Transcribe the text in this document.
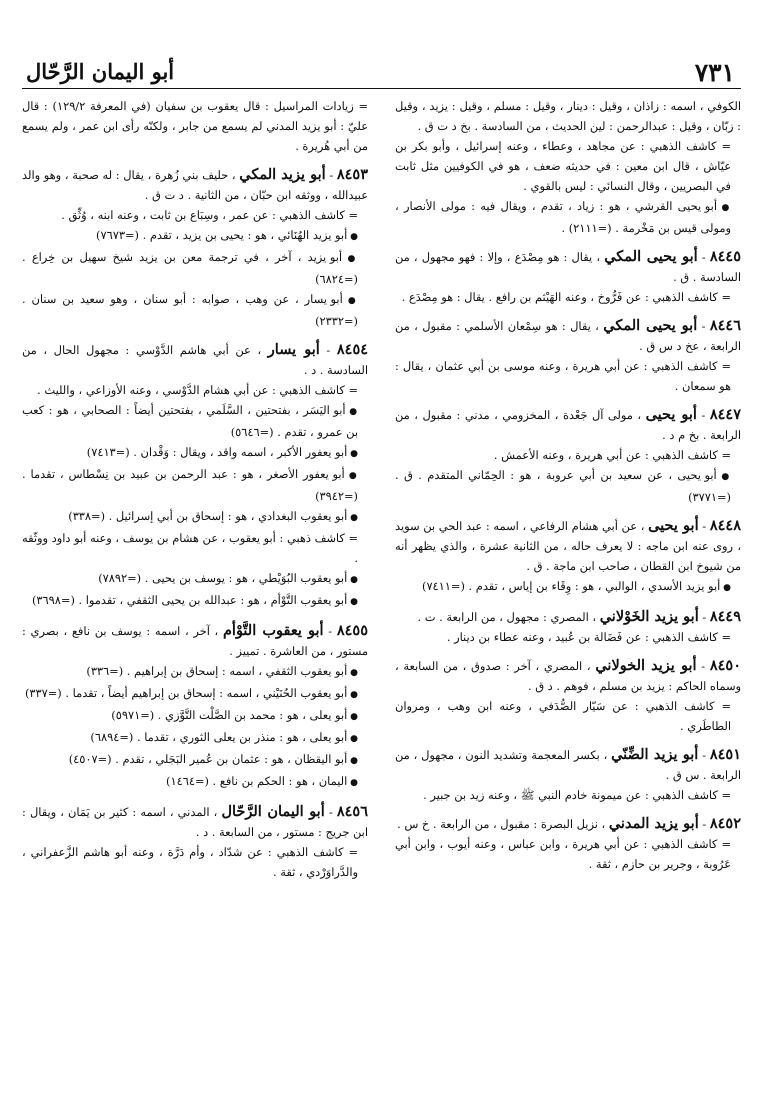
٧٣١
أبو اليمان الرَّحّال

الكوفي ، اسمه : زاذان ، وقيل : دينار ، وقيل : مسلم ، وقيل : يزيد ، وقيل : زبّان ، وقيل : عبدالرحمن : لين الحديث ، من السادسة . بخ د ت ق .

= كاشف الذهبي : عن مجاهد ، وعطاء ، وعنه إسرائيل ، وأبو بكر بن عيّاش ، قال ابن معين : في حديثه ضعف ، هو في الكوفيين مثل ثابت في البصريين ، وقال النسائي : ليس بالقوي .

● أبو يحيى القرشي ، هو : زياد ، تقدم ، ويقال فيه : مولى الأنصار ، ومولى قيس بن مَخْرمة . (=٢١١١) .

٨٤٤٥ - أبو يحيى المكي ، يقال : هو مِصْدَع ، وإلا : فهو مجهول ، من السادسة . ق .

= كاشف الذهبي : عن فَرُّوخ ، وعنه الهَيْثم بن رافع . يقال : هو مِصْدَع .

٨٤٤٦ - أبو يحيى المكي ، يقال : هو سِمْعان الأسلمي : مقبول ، من الرابعة ، عخ د س ق .

= كاشف الذهبي : عن أبي هريرة ، وعنه موسى بن أبي عثمان ، يقال : هو سمعان .

٨٤٤٧ - أبو يحيى ، مولى آل جَعْدة ، المخزومي ، مدني : مقبول ، من الرابعة . بخ م د .

= كاشف الذهبي : عن أبي هريرة ، وعنه الأعمش .

● أبو يحيى ، عن سعيد بن أبي عروبة ، هو : الحِمّاني المتقدم . ق . (=٣٧٧١)

٨٤٤٨ - أبو يحيى ، عن أبي هشام الرفاعي ، اسمه : عبد الحي بن سويد ، روى عنه ابن ماجه : لا يعرف حاله ، من الثانية عشرة ، والذي يظهر أنه من شيوخ ابن القطان ، صاحب ابن ماجة . ق .

● أبو يزيد الأسدي ، الوالبي ، هو : وِقَاء بن إياس ، تقدم . (=٧٤١١)

٨٤٤٩ - أبو يزيد الخَوْلاني ، المصري : مجهول ، من الرابعة . ت .

= كاشف الذهبي : عن فَضَالة بن عُبيد ، وعنه عطاء بن دينار .

٨٤٥٠ - أبو يزيد الخولاني ، المصري ، آخر : صدوق ، من السابعة ، وسماه الحاكم : يزيد بن مسلم ، فوهم . د ق .

= كاشف الذهبي : عن سَيّار الصُّدَفي ، وعنه ابن وهب ، ومروان الطاطَري .

٨٤٥١ - أبو يزيد الضِّنّي ، بكسر المعجمة وتشديد النون ، مجهول ، من الرابعة . س ق .

= كاشف الذهبي : عن ميمونة خادم النبي ﷺ ، وعنه زيد بن جبير .

٨٤٥٢ - أبو يزيد المدني ، نزيل البصرة : مقبول ، من الرابعة . خ س .

= كاشف الذهبي : عن أبي هريرة ، وابن عباس ، وعنه أيوب ، وابن أبي عَرُوبة ، وجرير بن حازم ، ثقة .

= زيادات المراسيل : قال يعقوب بن سفيان (في المعرفة ١٢٩/٢) : قال عليّ : أبو يزيد المدني لم يسمع من جابر ، ولكنّه رأى ابن عمر ، ولم يسمع من أبي هُريرة .

٨٤٥٣ - أبو يزيد المكي ، حليف بني زُهرة ، يقال : له صحبة ، وهو والد عبيدالله ، ووثقه ابن حبّان ، من الثانية . د ت ق .

= كاشف الذهبي : عن عمر ، وسِبَاع بن ثابت ، وعنه ابنه ، وُثِّق .

● أبو يزيد الهُنَائي ، هو : يحيى بن يزيد ، تقدم . (=٧٦٧٣)

● أبو يزيد ، آخر ، في ترجمة معن بن يزيد شيخ سهيل بن خِراع . (=٦٨٢٤)

● أبو يسار ، عن وهب ، صوابه : أبو سنان ، وهو سعيد بن سنان . (=٢٣٣٢)

٨٤٥٤ - أبو يسار ، عن أبي هاشم الدَّوْسي : مجهول الحال ، من السادسة . د .

= كاشف الذهبي : عن أبي هشام الدَّوْسي ، وعنه الأوزاعي ، والليث .

● أبو اليَسَر ، بفتحتين ، السَّلَمي ، بفتحتين أيضاً : الصحابي ، هو : كعب بن عمرو ، تقدم . (=٥٦٤٦)

● أبو يعفور الأكبر ، اسمه واقد ، ويقال : وَقْدان . (=٧٤١٣)

● أبو يعفور الأصغر ، هو : عبد الرحمن بن عبيد بن نِسْطاس ، تقدما . (=٣٩٤٢)

● أبو يعقوب البغدادي ، هو : إسحاق بن أبي إسرائيل . (=٣٣٨)

= كاشف ذهبي : أبو يعقوب ، عن هشام بن يوسف ، وعنه أبو داود ووثّقه .

● أبو يعقوب البُوَيْطي ، هو : يوسف بن يحيى . (=٧٨٩٢)

● أبو يعقوب التَّوْأم ، هو : عبدالله بن يحيى الثقفي ، تقدموا . (=٣٦٩٨)

٨٤٥٥ - أبو يعقوب التَّوْأم ، آخر ، اسمه : يوسف بن نافع ، بصري : مستور ، من العاشرة . تمييز .

● أبو يعقوب الثقفي ، اسمه : إسحاق بن إبراهيم . (=٣٣٦)

● أبو يعقوب الحُنَيْني ، اسمه : إسحاق بن إبراهيم أيضاً ، تقدما . (=٣٣٧)

● أبو يعلى ، هو : محمد بن الصَّلْت التَّوَّزي . (=٥٩٧١)

● أبو يعلى ، هو : منذر بن يعلى الثوري ، تقدما . (=٦٨٩٤)

● أبو اليقظان ، هو : عثمان بن عُمير البَجَلي ، تقدم . (=٤٥٠٧)

● اليمان ، هو : الحكم بن نافع . (=١٤٦٤)

٨٤٥٦ - أبو اليمان الرَّحّال ، المدني ، اسمه : كثير بن يَمَان ، ويقال : ابن جريج : مستور ، من السابعة . د .

= كاشف الذهبي : عن شدّاد ، وأم دَرَّة ، وعنه أبو هاشم الزَّعفراني ، والدَّراوَرْدي ، ثقة .
